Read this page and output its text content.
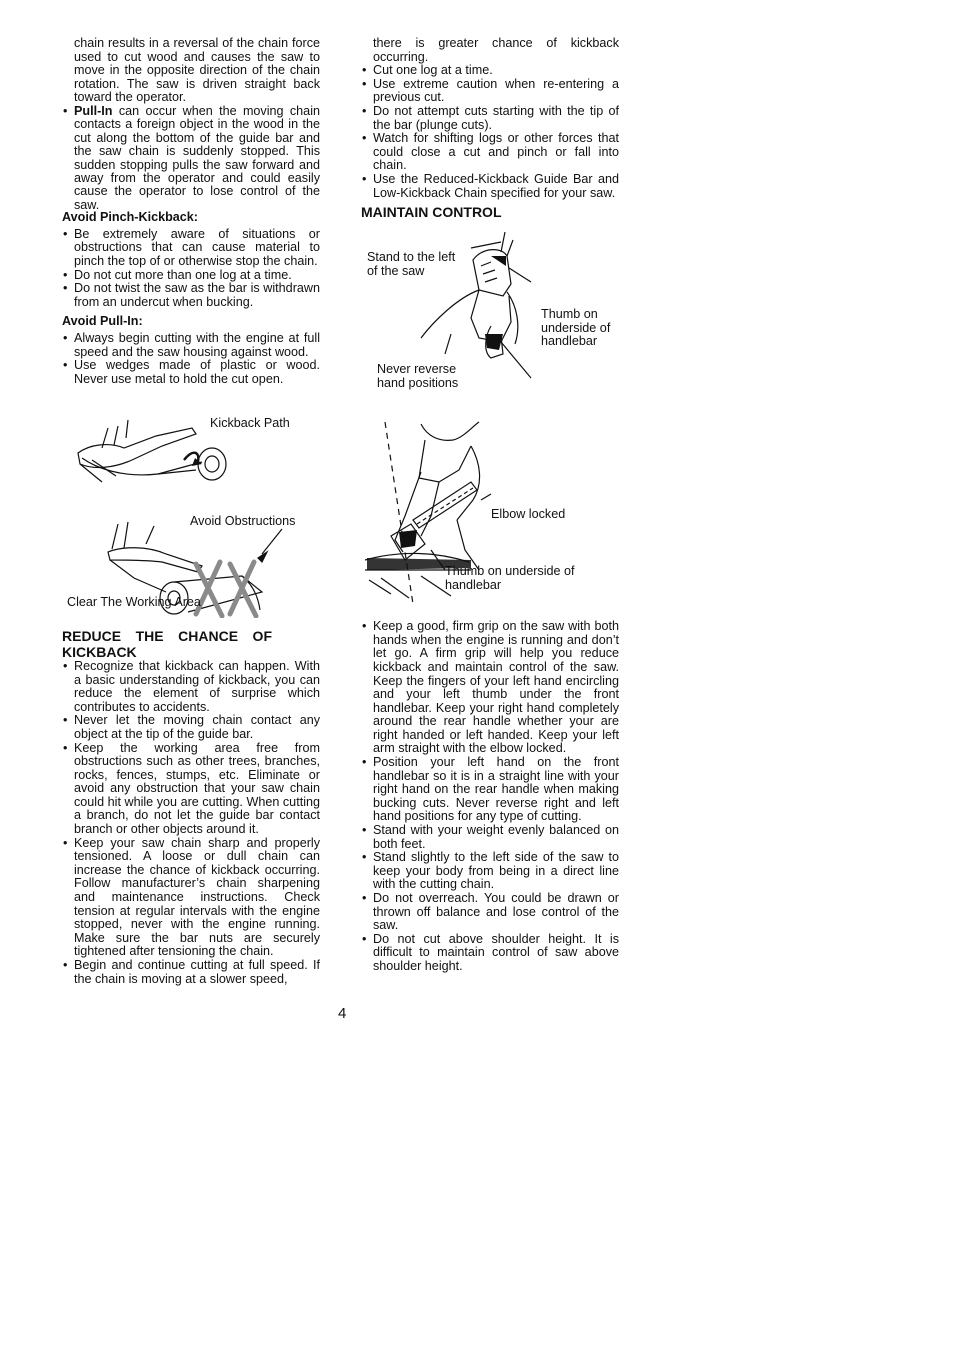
chain results in a reversal of the chain force used to cut wood and causes the saw to move in the opposite direction of the chain rotation. The saw is driven straight back toward the operator.

• Pull-In can occur when the moving chain contacts a foreign object in the wood in the cut along the bottom of the guide bar and the saw chain is suddenly stopped. This sudden stopping pulls the saw forward and away from the operator and could easily cause the operator to lose control of the saw.

Avoid Pinch-Kickback:

• Be extremely aware of situations or obstructions that can cause material to pinch the top of or otherwise stop the chain.
• Do not cut more than one log at a time.
• Do not twist the saw as the bar is withdrawn from an undercut when bucking.

Avoid Pull-In:

• Always begin cutting with the engine at full speed and the saw housing against wood.
• Use wedges made of plastic or wood. Never use metal to hold the cut open.
Kickback Path
Avoid Obstructions
Clear The Working Area
REDUCE THE CHANCE OF KICKBACK
• Recognize that kickback can happen. With a basic understanding of kickback, you can reduce the element of surprise which contributes to accidents.
• Never let the moving chain contact any object at the tip of the guide bar.
• Keep the working area free from obstructions such as other trees, branches, rocks, fences, stumps, etc. Eliminate or avoid any obstruction that your saw chain could hit while you are cutting. When cutting a branch, do not let the guide bar contact branch or other objects around it.
• Keep your saw chain sharp and properly tensioned. A loose or dull chain can increase the chance of kickback occurring. Follow manufacturer’s chain sharpening and maintenance instructions. Check tension at regular intervals with the engine stopped, never with the engine running. Make sure the bar nuts are securely tightened after tensioning the chain.
• Begin and continue cutting at full speed. If the chain is moving at a slower speed,

there is greater chance of kickback occurring.

• Cut one log at a time.
• Use extreme caution when re-entering a previous cut.
• Do not attempt cuts starting with the tip of the bar (plunge cuts).
• Watch for shifting logs or other forces that could close a cut and pinch or fall into chain.
• Use the Reduced-Kickback Guide Bar and Low-Kickback Chain specified for your saw.
MAINTAIN CONTROL
Stand to the left of the saw
Thumb on underside of handlebar
Never reverse hand positions
Elbow locked
Thumb on underside of handlebar
• Keep a good, firm grip on the saw with both hands when the engine is running and don’t let go. A firm grip will help you reduce kickback and maintain control of the saw. Keep the fingers of your left hand encircling and your left thumb under the front handlebar. Keep your right hand completely around the rear handle whether your are right handed or left handed. Keep your left arm straight with the elbow locked.
• Position your left hand on the front handlebar so it is in a straight line with your right hand on the rear handle when making bucking cuts. Never reverse right and left hand positions for any type of cutting.
• Stand with your weight evenly balanced on both feet.
• Stand slightly to the left side of the saw to keep your body from being in a direct line with the cutting chain.
• Do not overreach. You could be drawn or thrown off balance and lose control of the saw.
• Do not cut above shoulder height. It is difficult to maintain control of saw above shoulder height.
4
